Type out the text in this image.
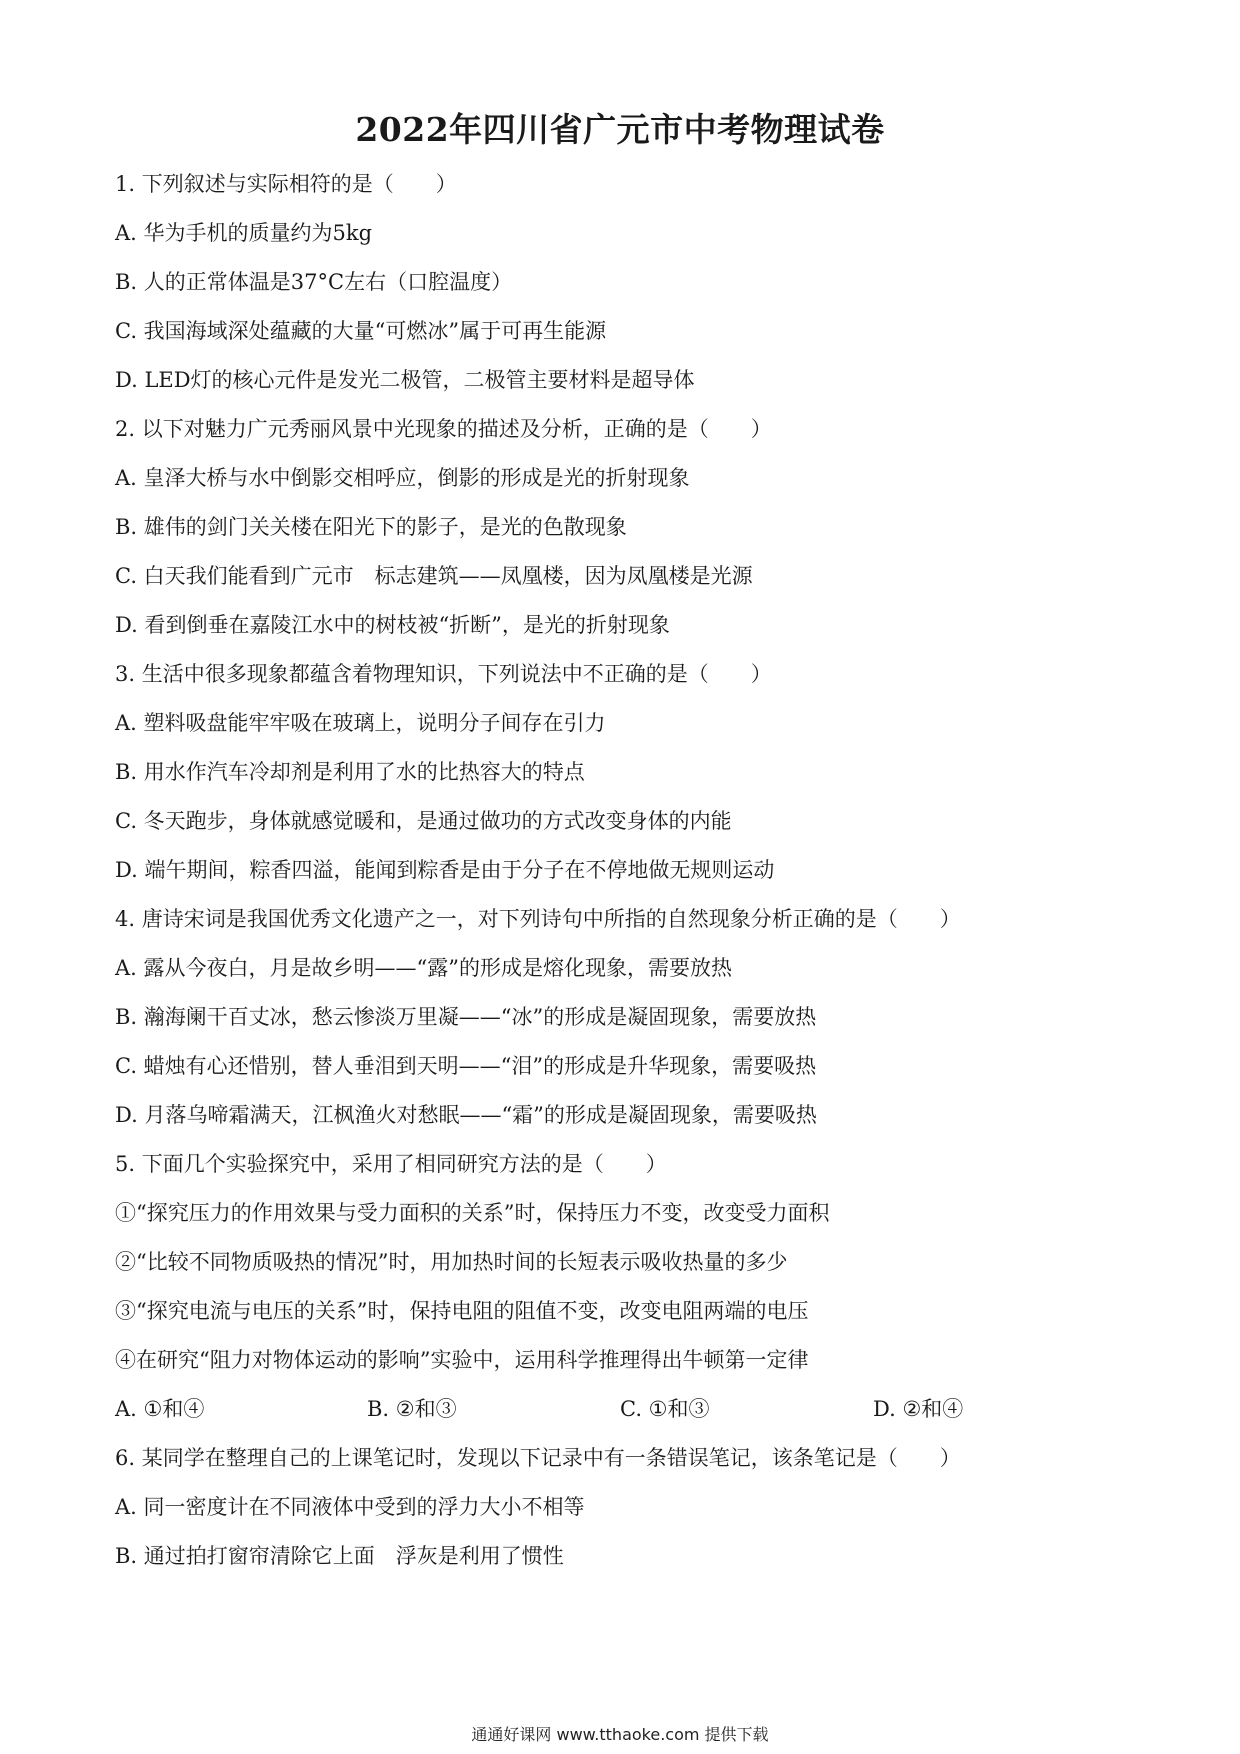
2022年四川省广元市中考物理试卷
1. 下列叙述与实际相符的是（　　）
A. 华为手机的质量约为5kg
B. 人的正常体温是37°C左右（口腔温度）
C. 我国海域深处蕴藏的大量“可燃冰”属于可再生能源
D. LED灯的核心元件是发光二极管，二极管主要材料是超导体
2. 以下对魅力广元秀丽风景中光现象的描述及分析，正确的是（　　）
A. 皇泽大桥与水中倒影交相呼应，倒影的形成是光的折射现象
B. 雄伟的剑门关关楼在阳光下的影子，是光的色散现象
C. 白天我们能看到广元市　标志建筑——凤凰楼，因为凤凰楼是光源
D. 看到倒垂在嘉陵江水中的树枝被“折断”，是光的折射现象
3. 生活中很多现象都蕴含着物理知识，下列说法中不正确的是（　　）
A. 塑料吸盘能牢牢吸在玻璃上，说明分子间存在引力
B. 用水作汽车冷却剂是利用了水的比热容大的特点
C. 冬天跑步，身体就感觉暖和，是通过做功的方式改变身体的内能
D. 端午期间，粽香四溢，能闻到粽香是由于分子在不停地做无规则运动
4. 唐诗宋词是我国优秀文化遗产之一，对下列诗句中所指的自然现象分析正确的是（　　）
A. 露从今夜白，月是故乡明——“露”的形成是熔化现象，需要放热
B. 瀚海阑干百丈冰，愁云惨淡万里凝——“冰”的形成是凝固现象，需要放热
C. 蜡烛有心还惜别，替人垂泪到天明——“泪”的形成是升华现象，需要吸热
D. 月落乌啼霜满天，江枫渔火对愁眠——“霜”的形成是凝固现象，需要吸热
5. 下面几个实验探究中，采用了相同研究方法的是（　　）
①“探究压力的作用效果与受力面积的关系”时，保持压力不变，改变受力面积
②“比较不同物质吸热的情况”时，用加热时间的长短表示吸收热量的多少
③“探究电流与电压的关系”时，保持电阻的阻值不变，改变电阻两端的电压
④在研究“阻力对物体运动的影响”实验中，运用科学推理得出牛顿第一定律
A. ①和④	B. ②和③	C. ①和③	D. ②和④
6. 某同学在整理自己的上课笔记时，发现以下记录中有一条错误笔记，该条笔记是（　　）
A. 同一密度计在不同液体中受到的浮力大小不相等
B. 通过拍打窗帘清除它上面　浮灰是利用了惯性
通通好课网 www.tthaoke.com 提供下载
